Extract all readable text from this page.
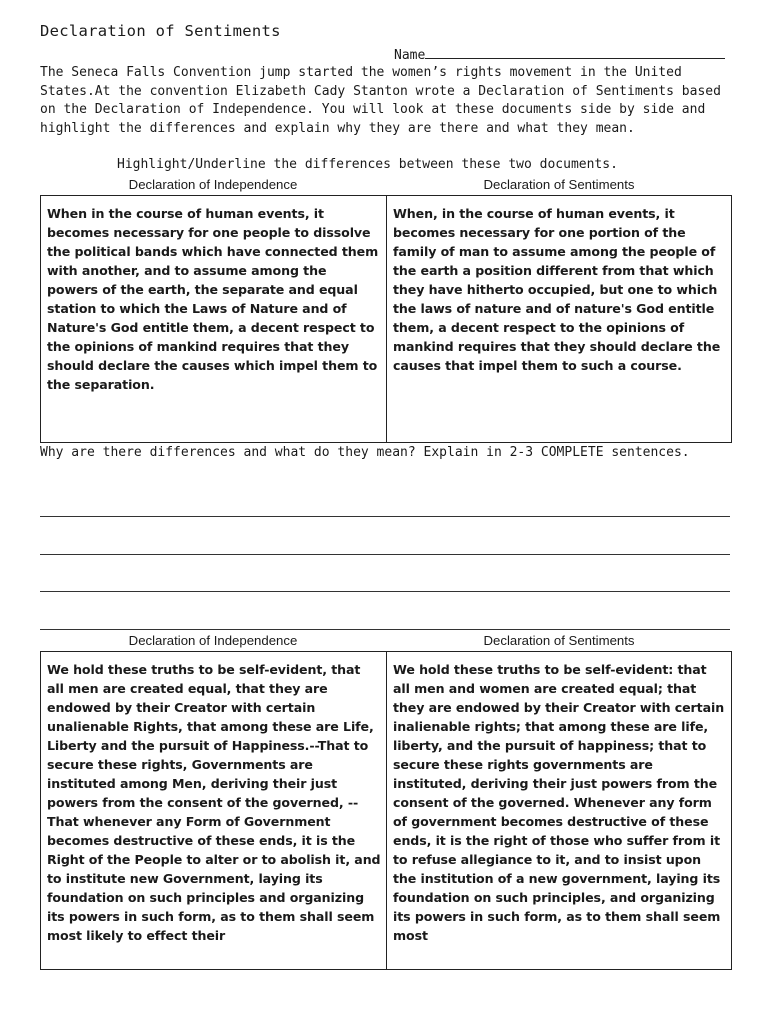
Declaration of Sentiments
Name

The Seneca Falls Convention jump started the women’s rights movement in the United States.At the convention Elizabeth Cady Stanton wrote a Declaration of Sentiments based on the Declaration of Independence. You will look at these documents side by side and highlight the differences and explain why they are there and what they mean.

Highlight/Underline the differences between these two documents.
Declaration of Independence	Declaration of Sentiments
When in the course of human events, it becomes necessary for one people to dissolve the political bands which have connected them with another, and to assume among the powers of the earth, the separate and equal station to which the Laws of Nature and of Nature's God entitle them, a decent respect to the opinions of mankind requires that they should declare the causes which impel them to the separation.
When, in the course of human events, it becomes necessary for one portion of the family of man to assume among the people of the earth a position different from that which they have hitherto occupied, but one to which the laws of nature and of nature's God entitle them, a decent respect to the opinions of mankind requires that they should declare the causes that impel them to such a course.

Why are there differences and what do they mean? Explain in 2-3 COMPLETE sentences.

Declaration of Independence	Declaration of Sentiments
We hold these truths to be self-evident, that all men are created equal, that they are endowed by their Creator with certain unalienable Rights, that among these are Life, Liberty and the pursuit of Happiness.--That to secure these rights, Governments are instituted among Men, deriving their just powers from the consent of the governed, --That whenever any Form of Government becomes destructive of these ends, it is the Right of the People to alter or to abolish it, and to institute new Government, laying its foundation on such principles and organizing its powers in such form, as to them shall seem most likely to effect their
We hold these truths to be self-evident: that all men and women are created equal; that they are endowed by their Creator with certain inalienable rights; that among these are life, liberty, and the pursuit of happiness; that to secure these rights governments are instituted, deriving their just powers from the consent of the governed. Whenever any form of government becomes destructive of these ends, it is the right of those who suffer from it to refuse allegiance to it, and to insist upon the institution of a new government, laying its foundation on such principles, and organizing its powers in such form, as to them shall seem most
